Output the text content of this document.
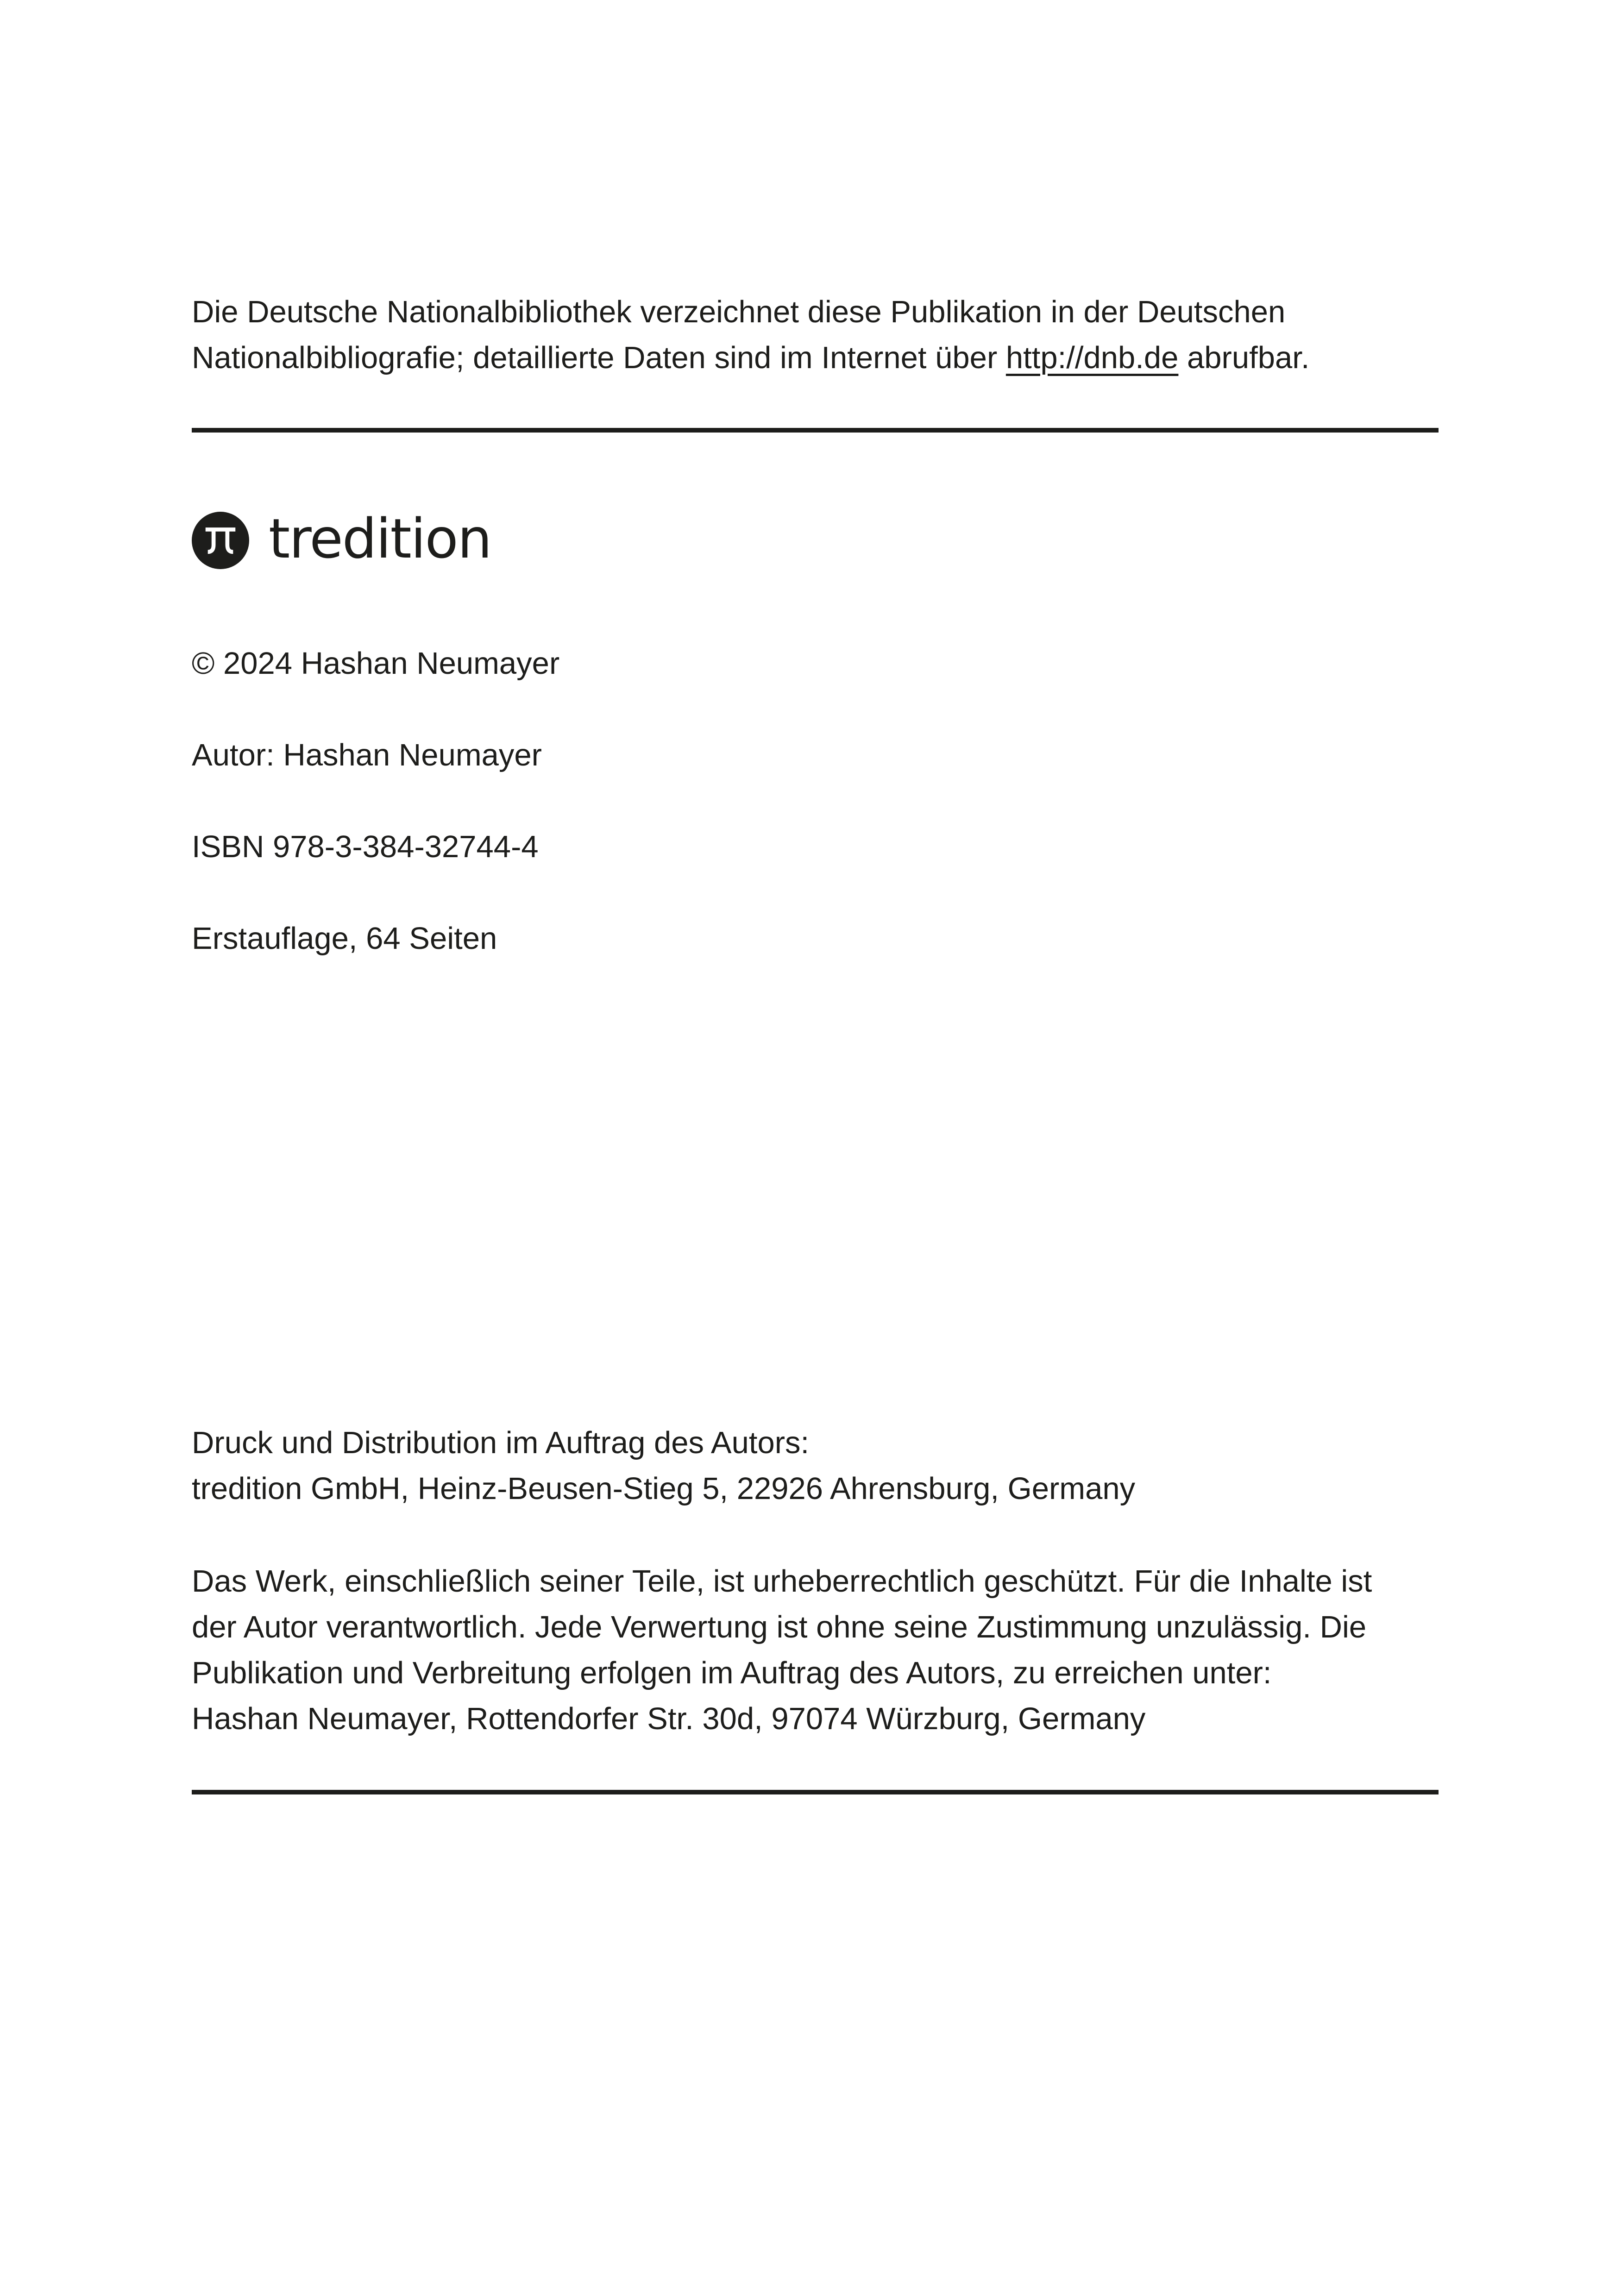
Die Deutsche Nationalbibliothek verzeichnet diese Publikation in der Deutschen

Nationalbibliografie; detaillierte Daten sind im Internet über http://dnb.de abrufbar.

tredition

© 2024 Hashan Neumayer

Autor: Hashan Neumayer

ISBN 978-3-384-32744-4

Erstauflage, 64 Seiten

Druck und Distribution im Auftrag des Autors:

tredition GmbH, Heinz-Beusen-Stieg 5, 22926 Ahrensburg, Germany

Das Werk, einschließlich seiner Teile, ist urheberrechtlich geschützt. Für die Inhalte ist

der Autor verantwortlich. Jede Verwertung ist ohne seine Zustimmung unzulässig. Die

Publikation und Verbreitung erfolgen im Auftrag des Autors, zu erreichen unter:

Hashan Neumayer, Rottendorfer Str. 30d, 97074 Würzburg, Germany
